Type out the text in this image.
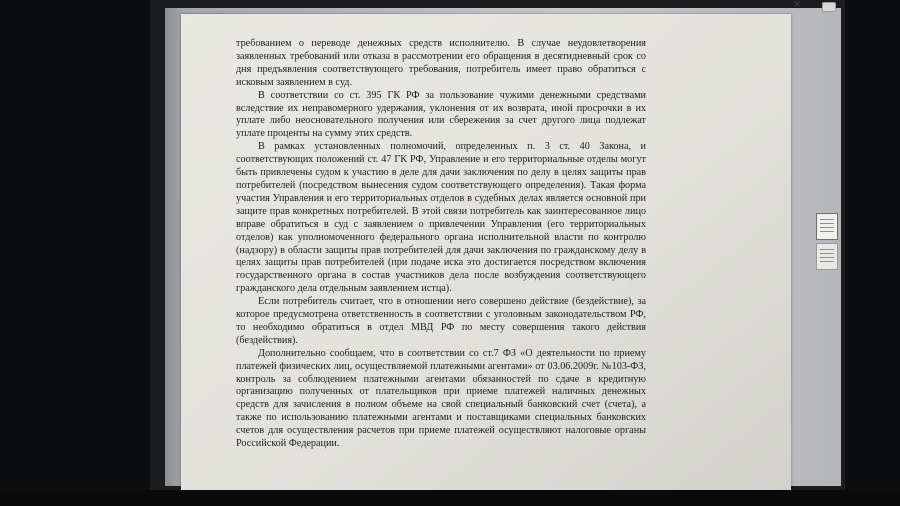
требованием о переводе денежных средств исполнителю. В случае неудовлетворения заявленных требований или отказа в рассмотрении его обращения в десятидневный срок со дня предъявления соответствующего требования, потребитель имеет право обратиться с исковым заявлением в суд.

В соответствии со ст. 395 ГК РФ за пользование чужими денежными средствами вследствие их неправомерного удержания, уклонения от их возврата, иной просрочки в их уплате либо неосновательного получения или сбережения за счет другого лица подлежат уплате проценты на сумму этих средств.

В рамках установленных полномочий, определенных п. 3 ст. 40 Закона, и соответствующих положений ст. 47 ГК РФ, Управление и его территориальные отделы могут быть привлечены судом к участию в деле для дачи заключения по делу в целях защиты прав потребителей (посредством вынесения судом соответствующего определения). Такая форма участия Управления и его территориальных отделов в судебных делах является основной при защите прав конкретных потребителей. В этой связи потребитель как заинтересованное лицо вправе обратиться в суд с заявлением о привлечении Управления (его территориальных отделов) как уполномоченного федерального органа исполнительной власти по контролю (надзору) в области защиты прав потребителей для дачи заключения по гражданскому делу в целях защиты прав потребителей (при подаче иска это достигается посредством включения государственного органа в состав участников дела после возбуждения соответствующего гражданского дела отдельным заявлением истца).

Если потребитель считает, что в отношении него совершено действие (бездействие), за которое предусмотрена ответственность в соответствии с уголовным законодательством РФ, то необходимо обратиться в отдел МВД РФ по месту совершения такого действия (бездействия).

Дополнительно сообщаем, что в соответствии со ст.7 ФЗ «О деятельности по приему платежей физических лиц, осуществляемой платежными агентами» от 03.06.2009г. №103-ФЗ, контроль за соблюдением платежными агентами обязанностей по сдаче в кредитную организацию полученных от плательщиков при приеме платежей наличных денежных средств для зачисления в полном объеме на свой специальный банковский счет (счета), а также по использованию платежными агентами и поставщиками специальных банковских счетов для осуществления расчетов при приеме платежей осуществляют налоговые органы Российской Федерации.

✕
